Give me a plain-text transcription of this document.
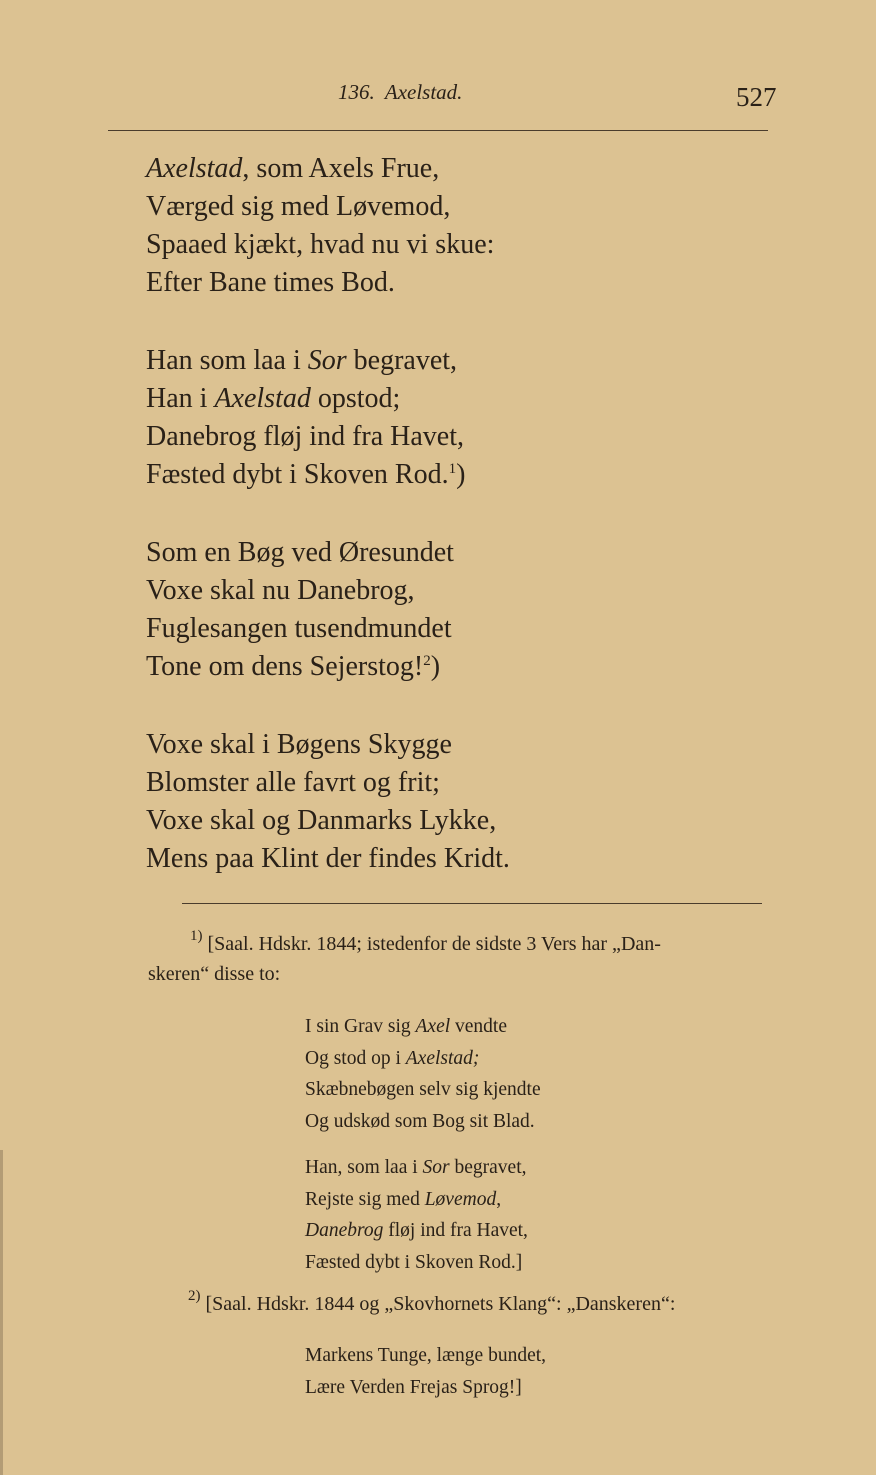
136.  Axelstad.	527
Axelstad, som Axels Frue,
Værged sig med Løvemod,
Spaaed kjækt, hvad nu vi skue:
Efter Bane times Bod.
Han som laa i Sor begravet,
Han i Axelstad opstod;
Danebrog fløj ind fra Havet,
Fæsted dybt i Skoven Rod.$^1$)
Som en Bøg ved Øresundet
Voxe skal nu Danebrog,
Fuglesangen tusendmundet
Tone om dens Sejerstog!$^2$)
Voxe skal i Bøgens Skygge
Blomster alle favrt og frit;
Voxe skal og Danmarks Lykke,
Mens paa Klint der findes Kridt.
$^{1)}$ [Saal. Hdskr. 1844; istedenfor de sidste 3 Vers har „Dan-
skeren“ disse to:
I sin Grav sig Axel vendte
Og stod op i Axelstad;
Skæbnebøgen selv sig kjendte
Og udskød som Bog sit Blad.
Han, som laa i Sor begravet,
Rejste sig med Løvemod,
Danebrog fløj ind fra Havet,
Fæsted dybt i Skoven Rod.]
$^{2)}$ [Saal. Hdskr. 1844 og „Skovhornets Klang“: „Danskeren“:
Markens Tunge, længe bundet,
Lære Verden Frejas Sprog!]
